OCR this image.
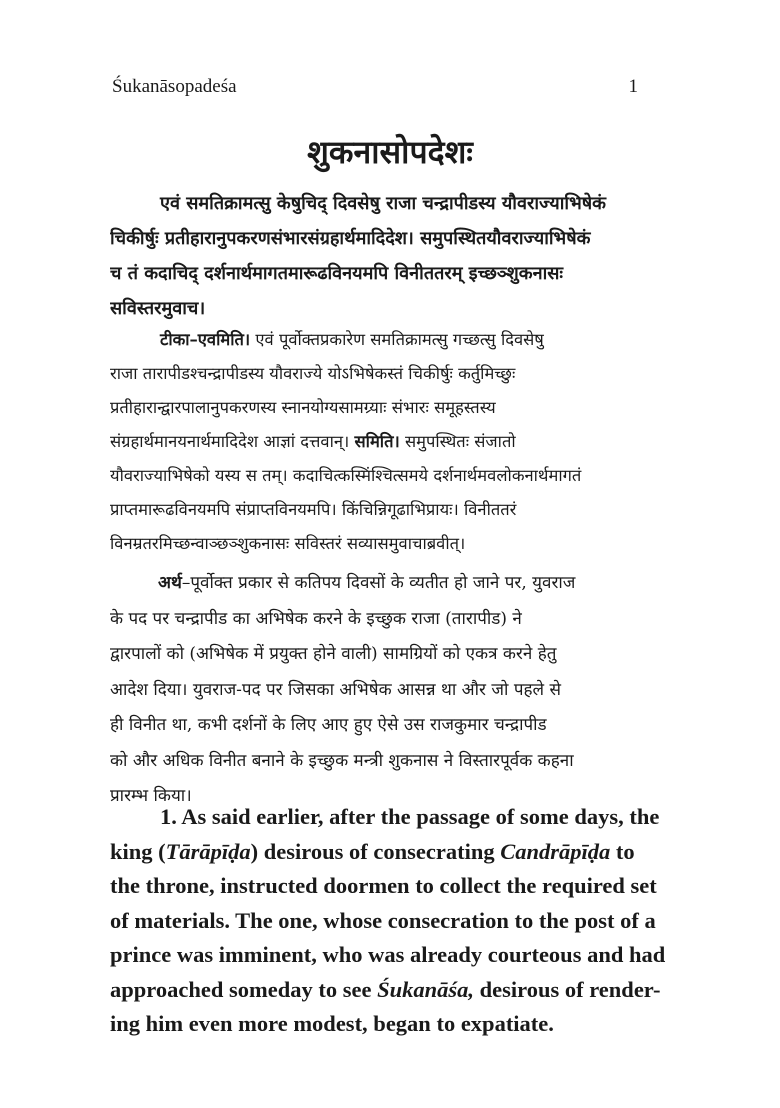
Śukanāsopadeśa	1
शुकनासोपदेशः
एवं समतिक्रामत्सु केषुचिद् दिवसेषु राजा चन्द्रापीडस्य यौवराज्याभिषेकं
चिकीर्षुः प्रतीहारानुपकरणसंभारसंग्रहार्थमादिदेश। समुपस्थितयौवराज्याभिषेकं
च तं कदाचिद् दर्शनार्थमागतमारूढविनयमपि विनीततरम् इच्छञ्शुकनासः
सविस्तरमुवाच।
टीका–एवमिति। एवं पूर्वोक्तप्रकारेण समतिक्रामत्सु गच्छत्सु दिवसेषु
राजा तारापीडश्चन्द्रापीडस्य यौवराज्ये योऽभिषेकस्तं चिकीर्षुः कर्तुमिच्छुः
प्रतीहारान्द्वारपालानुपकरणस्य स्नानयोग्यसामग्र्याः संभारः समूहस्तस्य
संग्रहार्थमानयनार्थमादिदेश आज्ञां दत्तवान्। समिति। समुपस्थितः संजातो
यौवराज्याभिषेको यस्य स तम्। कदाचित्कस्मिंश्चित्समये दर्शनार्थमवलोकनार्थमागतं
प्राप्तमारूढविनयमपि संप्राप्तविनयमपि। किंचिन्निगूढाभिप्रायः। विनीततरं
विनम्रतरमिच्छन्वाञ्छञ्शुकनासः सविस्तरं सव्यासमुवाचाब्रवीत्।
अर्थ–पूर्वोक्त प्रकार से कतिपय दिवसों के व्यतीत हो जाने पर, युवराज
के पद पर चन्द्रापीड का अभिषेक करने के इच्छुक राजा (तारापीड) ने
द्वारपालों को (अभिषेक में प्रयुक्त होने वाली) सामग्रियों को एकत्र करने हेतु
आदेश दिया। युवराज-पद पर जिसका अभिषेक आसन्न था और जो पहले से
ही विनीत था, कभी दर्शनों के लिए आए हुए ऐसे उस राजकुमार चन्द्रापीड
को और अधिक विनीत बनाने के इच्छुक मन्त्री शुकनास ने विस्तारपूर्वक कहना
प्रारम्भ किया।
1. As said earlier, after the passage of some days, the
king (Tārāpīḍa) desirous of consecrating Candrāpīḍa to
the throne, instructed doormen to collect the required set
of materials. The one, whose consecration to the post of a
prince was imminent, who was already courteous and had
approached someday to see Śukanāśa, desirous of render-
ing him even more modest, began to expatiate.
